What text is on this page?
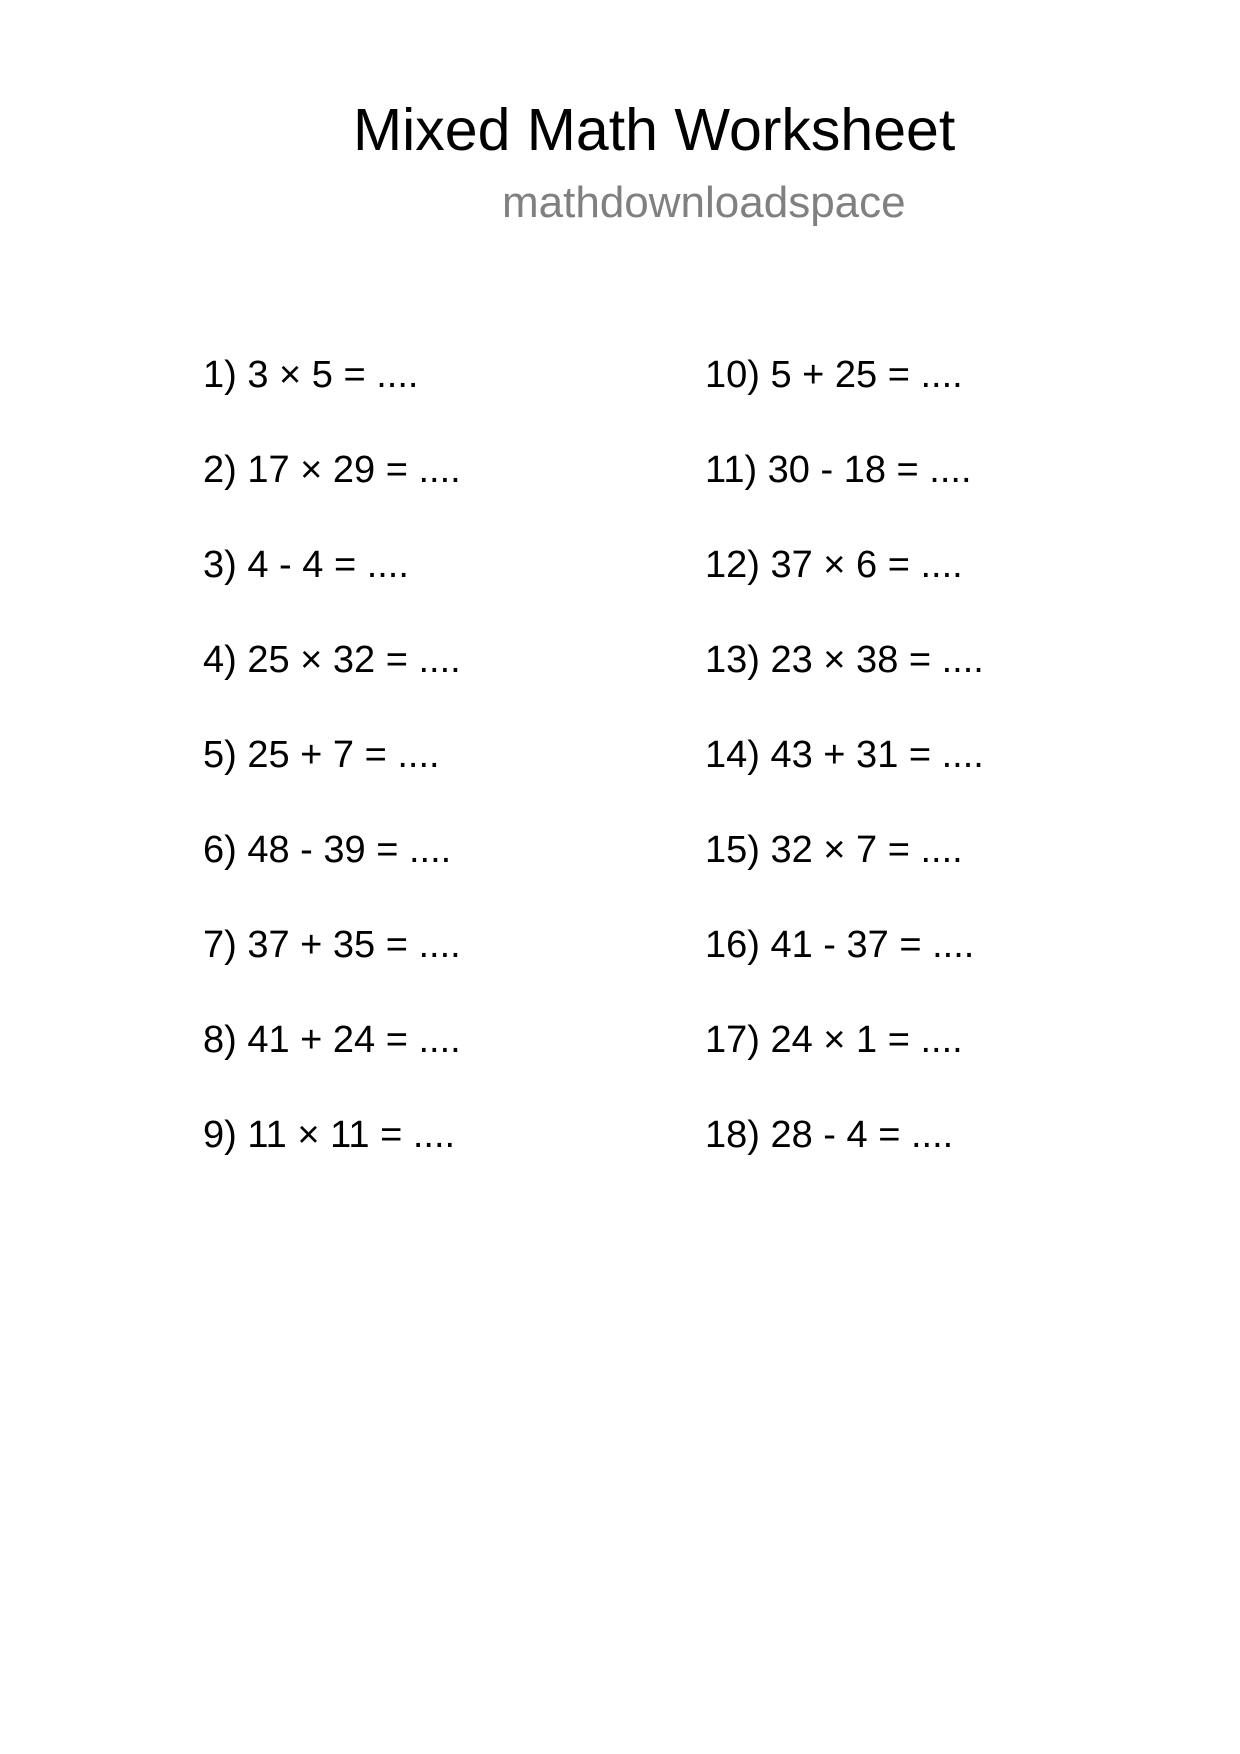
Mixed Math Worksheet
mathdownloadspace
1) 3 × 5 = ....
2) 17 × 29 = ....
3) 4 - 4 = ....
4) 25 × 32 = ....
5) 25 + 7 = ....
6) 48 - 39 = ....
7) 37 + 35 = ....
8) 41 + 24 = ....
9) 11 × 11 = ....
10) 5 + 25 = ....
11) 30 - 18 = ....
12) 37 × 6 = ....
13) 23 × 38 = ....
14) 43 + 31 = ....
15) 32 × 7 = ....
16) 41 - 37 = ....
17) 24 × 1 = ....
18) 28 - 4 = ....
